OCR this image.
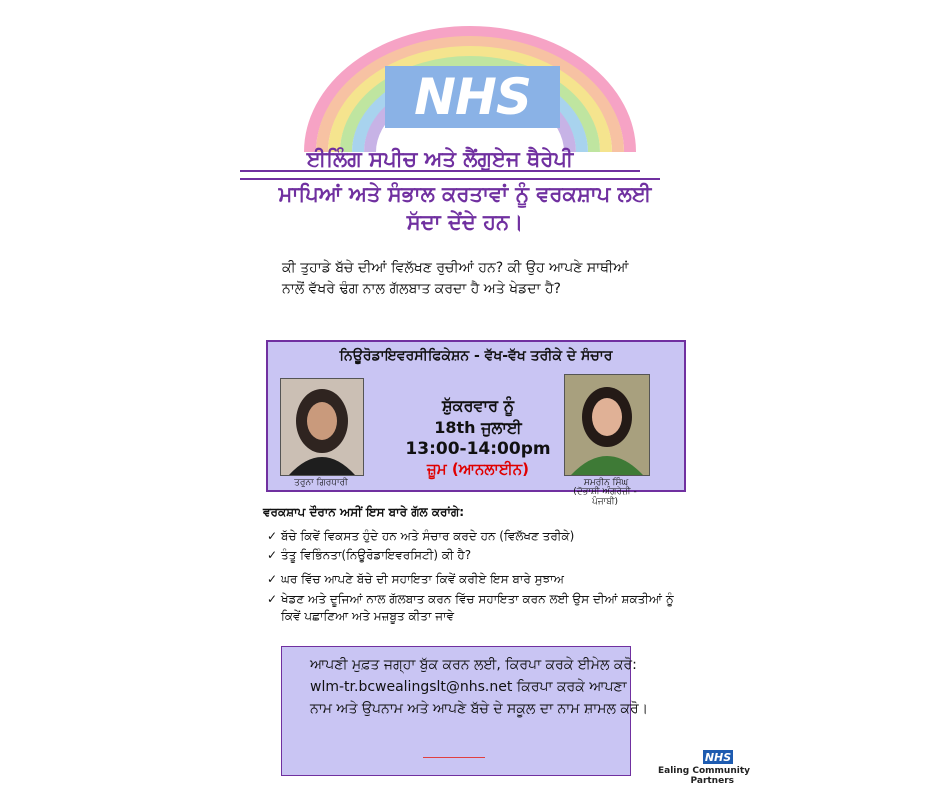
NHS
ਈਲਿੰਗ ਸਪੀਚ ਅਤੇ ਲੈਂਗੁਏਜ ਥੈਰੇਪੀ
ਮਾਪਿਆਂ ਅਤੇ ਸੰਭਾਲ ਕਰਤਾਵਾਂ ਨੂੰ ਵਰਕਸ਼ਾਪ ਲਈ
ਸੱਦਾ ਦੇਂਦੇ ਹਨ।
ਕੀ ਤੁਹਾਡੇ ਬੱਚੇ ਦੀਆਂ ਵਿਲੱਖਣ ਰੁਚੀਆਂ ਹਨ? ਕੀ ਉਹ ਆਪਣੇ ਸਾਥੀਆਂ
ਨਾਲੋਂ ਵੱਖਰੇ ਢੰਗ ਨਾਲ ਗੱਲਬਾਤ ਕਰਦਾ ਹੈ ਅਤੇ ਖੇਡਦਾ ਹੈ?
ਨਿਊਰੋਡਾਇਵਰਸੀਫਿਕੇਸ਼ਨ - ਵੱਖ-ਵੱਖ ਤਰੀਕੇ ਦੇ ਸੰਚਾਰ
ਤਰੁਨਾ ਗਿਰਧਾਰੀ	ਸਮਰੀਨ ਸਿੰਘ
ਸ਼ੁੱਕਰਵਾਰ ਨੂੰ
18th ਜੁਲਾਈ
13:00-14:00pm
ਜ਼ੂਮ (ਆਨਲਾਈਨ)
(ਦੋਭਾਸ਼ੀ ਅੰਗਰੇਜ਼ੀ -
ਪੰਜਾਬੀ)
ਵਰਕਸ਼ਾਪ ਦੌਰਾਨ ਅਸੀਂ ਇਸ ਬਾਰੇ ਗੱਲ ਕਰਾਂਗੇ:
✓ ਬੱਚੇ ਕਿਵੇਂ ਵਿਕਸਤ ਹੁੰਦੇ ਹਨ ਅਤੇ ਸੰਚਾਰ ਕਰਦੇ ਹਨ (ਵਿਲੱਖਣ ਤਰੀਕੇ)
✓ ਤੰਤੂ ਵਿਭਿੰਨਤਾ(ਨਿਊਰੋਡਾਇਵਰਸਿਟੀ) ਕੀ ਹੈ?
✓ ਘਰ ਵਿੱਚ ਆਪਣੇ ਬੱਚੇ ਦੀ ਸਹਾਇਤਾ ਕਿਵੇਂ ਕਰੀਏ ਇਸ ਬਾਰੇ ਸੁਝਾਅ
✓ ਖੇਡਣ ਅਤੇ ਦੂਜਿਆਂ ਨਾਲ ਗੱਲਬਾਤ ਕਰਨ ਵਿੱਚ ਸਹਾਇਤਾ ਕਰਨ ਲਈ ਉਸ ਦੀਆਂ ਸ਼ਕਤੀਆਂ ਨੂੰ
ਕਿਵੇਂ ਪਛਾਣਿਆ ਅਤੇ ਮਜ਼ਬੂਤ ਕੀਤਾ ਜਾਵੇ
ਆਪਣੀ ਮੁਫ਼ਤ ਜਗ੍ਹਾ ਬੁੱਕ ਕਰਨ ਲਈ, ਕਿਰਪਾ ਕਰਕੇ ਈਮੇਲ ਕਰੋ:
wlm-tr.bcwealingslt@nhs.net ਕਿਰਪਾ ਕਰਕੇ ਆਪਣਾ
ਨਾਮ ਅਤੇ ਉਪਨਾਮ ਅਤੇ ਆਪਣੇ ਬੱਚੇ ਦੇ ਸਕੂਲ ਦਾ ਨਾਮ ਸ਼ਾਮਲ ਕਰੋ।
NHS
Ealing Community
Partners
